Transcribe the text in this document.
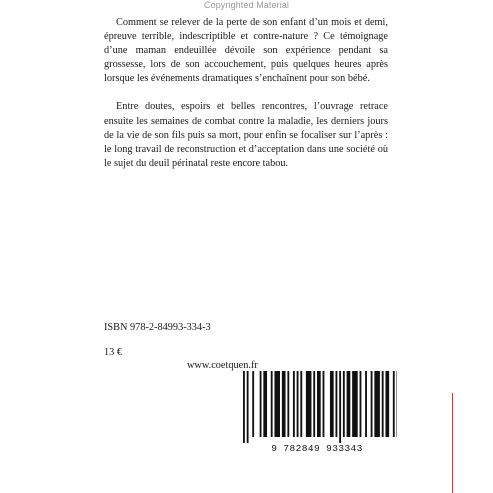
Copyrighted Material

Comment se relever de la perte de son enfant d’un mois et demi, épreuve terrible, indescriptible et contre-nature ? Ce témoignage d’une maman endeuillée dévoile son expérience pendant sa grossesse, lors de son accouchement, puis quelques heures après lorsque les événements dramatiques s’enchaînent pour son bébé.

Entre doutes, espoirs et belles rencontres, l’ouvrage retrace ensuite les semaines de combat contre la maladie, les derniers jours de la vie de son fils puis sa mort, pour enfin se focaliser sur l’après : le long travail de reconstruction et d’acceptation dans une société où le sujet du deuil périnatal reste encore tabou.

ISBN 978-2-84993-334-3
13 €
www.coetquen.fr
9 782849 933343
